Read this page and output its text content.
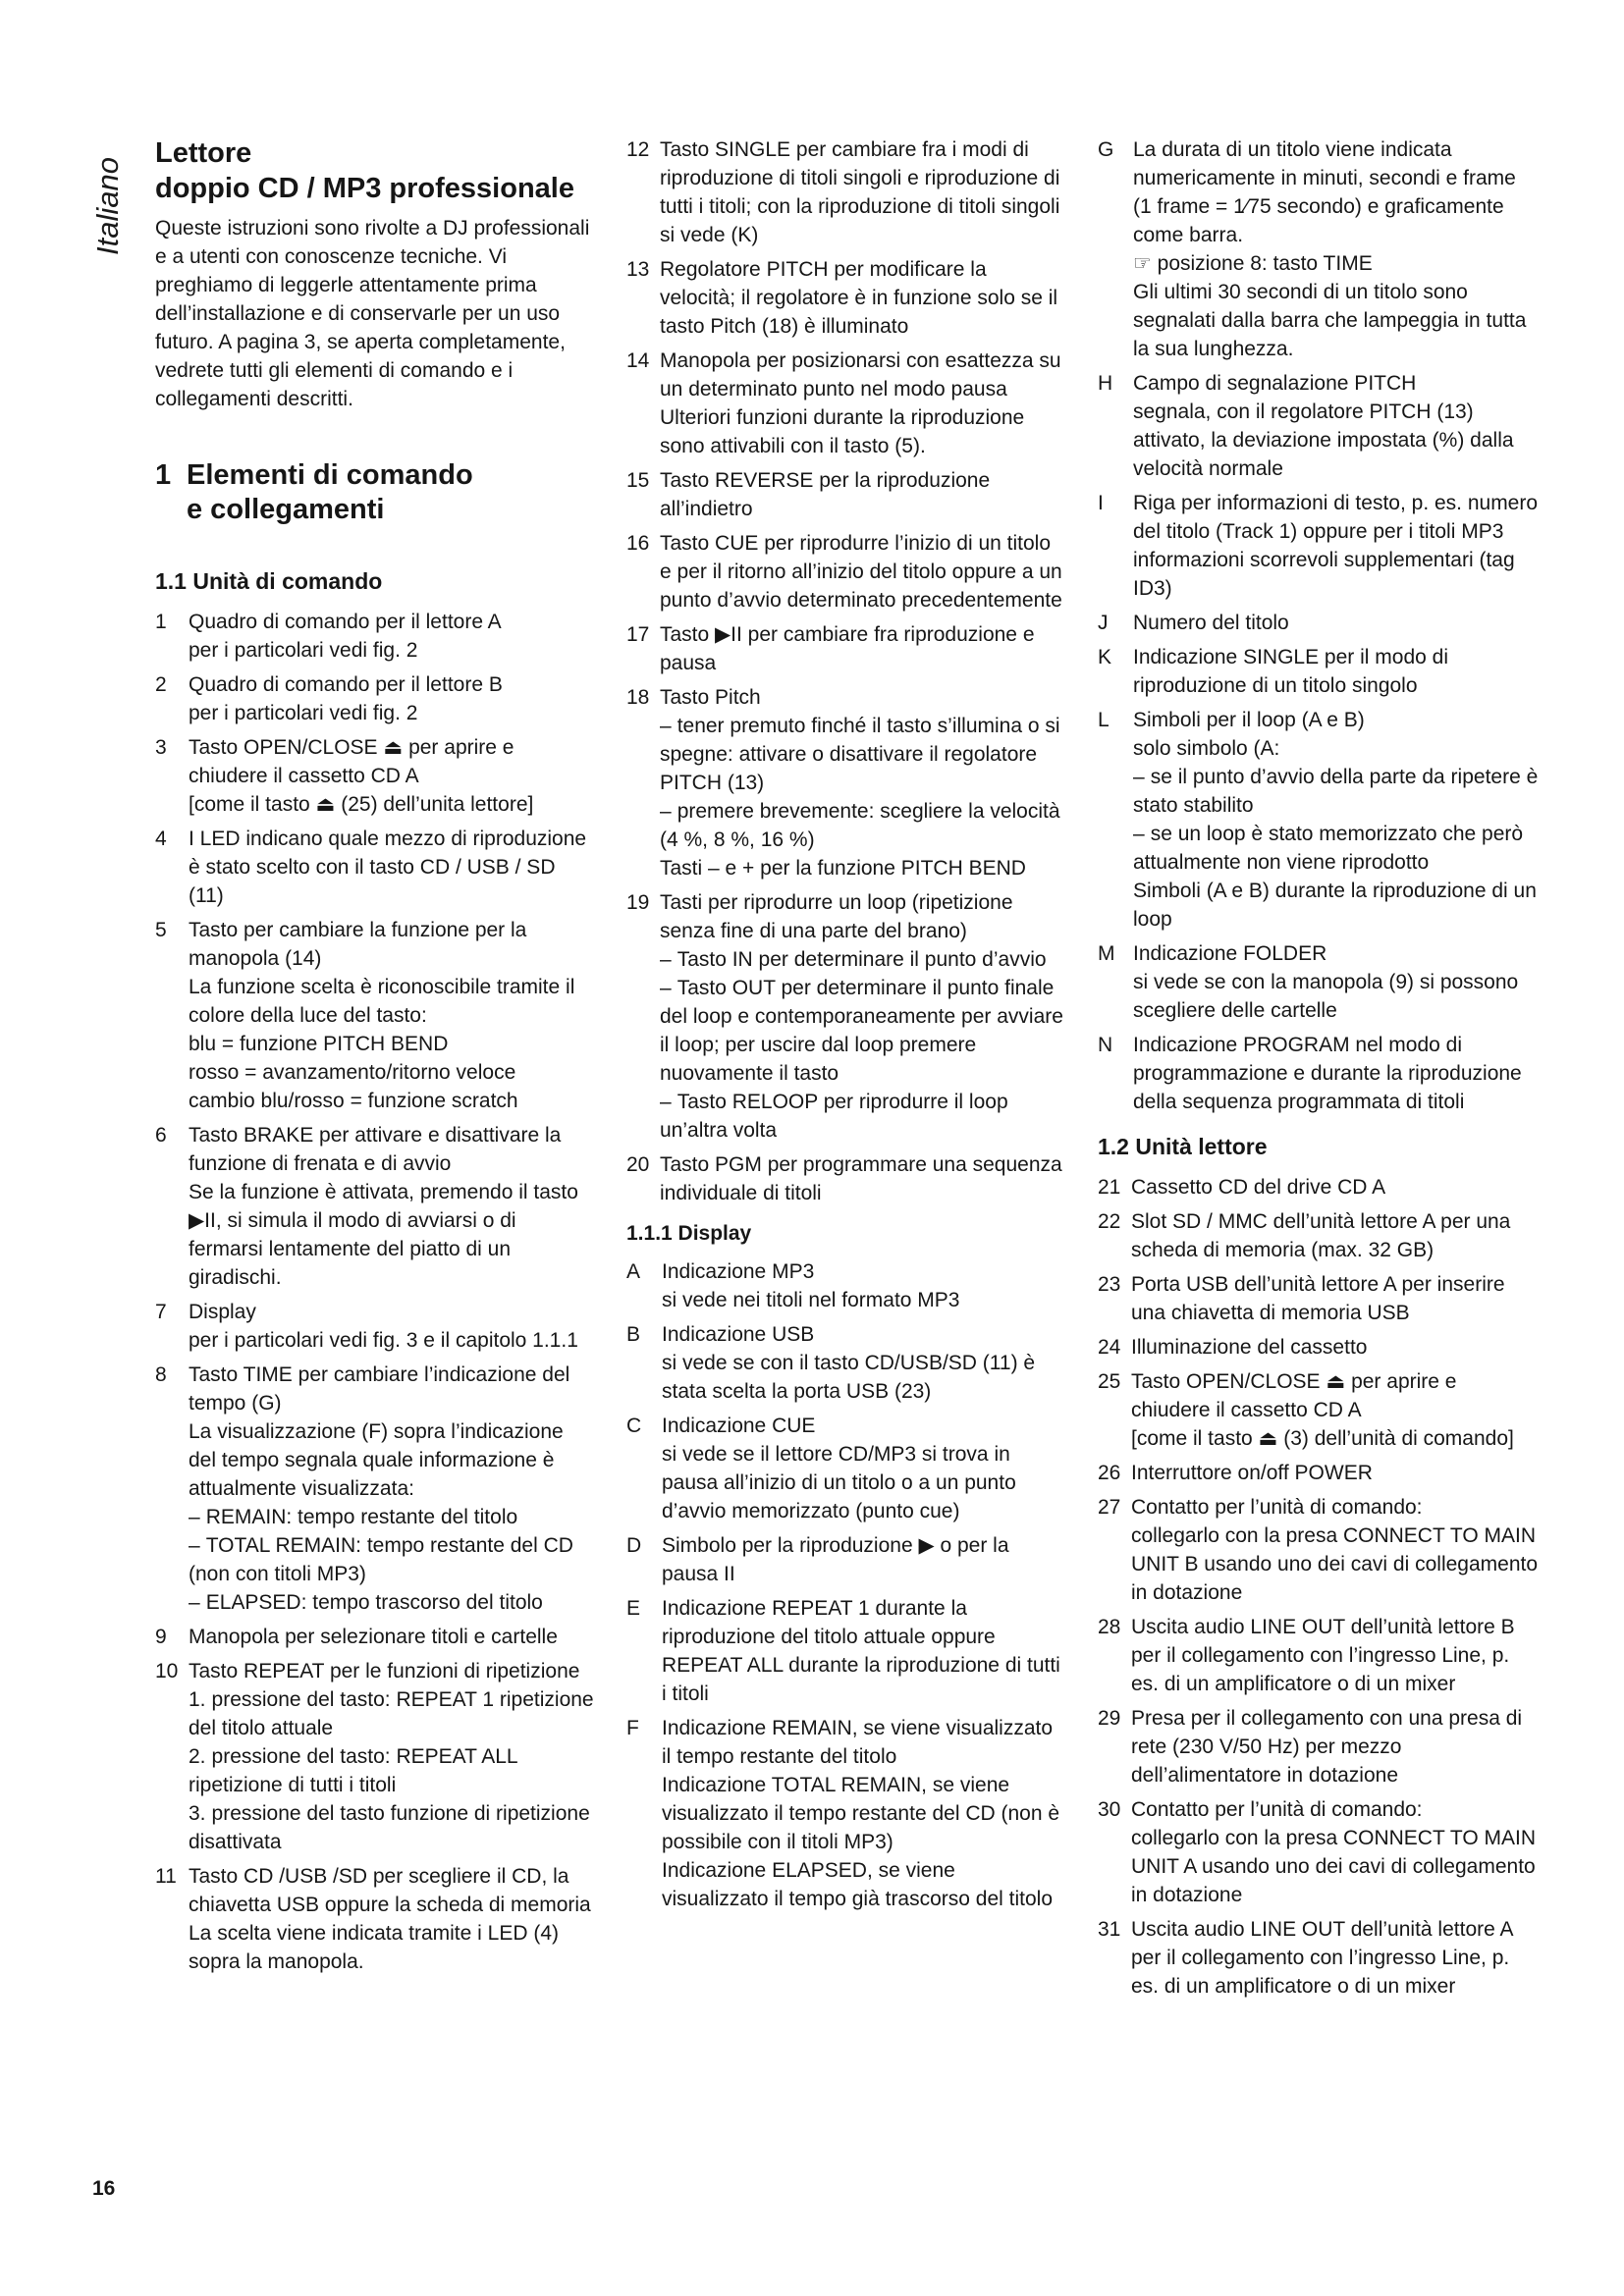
Italiano
Lettore
doppio CD / MP3 professionale

Queste istruzioni sono rivolte a DJ professionali e a utenti con conoscenze tecniche. Vi preghiamo di leggerle attentamente prima dell’installazione e di conservarle per un uso futuro. A pagina 3, se aperta completamente, vedrete tutti gli elementi di comando e i collegamenti descritti.

1 Elementi di comando
e collegamenti
1.1 Unità di comando
1	Quadro di comando per il lettore A
per i particolari vedi fig. 2
2	Quadro di comando per il lettore B
per i particolari vedi fig. 2
3	Tasto OPEN/CLOSE ⏏ per aprire e chiudere il cassetto CD A
[come il tasto ⏏ (25) dell’unita lettore]
4	I LED indicano quale mezzo di riproduzione è stato scelto con il tasto CD / USB / SD (11)
5	Tasto per cambiare la funzione per la manopola (14)
La funzione scelta è riconoscibile tramite il colore della luce del tasto:
blu = funzione PITCH BEND
rosso = avanzamento/ritorno veloce
cambio blu/rosso = funzione scratch
6	Tasto BRAKE per attivare e disattivare la funzione di frenata e di avvio
Se la funzione è attivata, premendo il tasto ▶II, si simula il modo di avviarsi o di fermarsi lentamente del piatto di un giradischi.
7	Display
per i particolari vedi fig. 3 e il capitolo 1.1.1
8	Tasto TIME per cambiare l’indicazione del tempo (G)
La visualizzazione (F) sopra l’indicazione del tempo segnala quale informazione è attualmente visualizzata:
– REMAIN: tempo restante del titolo
– TOTAL REMAIN: tempo restante del CD (non con titoli MP3)
– ELAPSED: tempo trascorso del titolo
9	Manopola per selezionare titoli e cartelle
10 Tasto REPEAT per le funzioni di ripetizione
1. pressione del tasto: REPEAT 1 ripetizione del titolo attuale
2. pressione del tasto: REPEAT ALL ripetizione di tutti i titoli
3. pressione del tasto funzione di ripetizione disattivata
11 Tasto CD /USB /SD per scegliere il CD, la chiavetta USB oppure la scheda di memoria
La scelta viene indicata tramite i LED (4) sopra la manopola.
12 Tasto SINGLE per cambiare fra i modi di riproduzione di titoli singoli e riproduzione di tutti i titoli; con la riproduzione di titoli singoli si vede (K)
13 Regolatore PITCH per modificare la velocità; il regolatore è in funzione solo se il tasto Pitch (18) è illuminato
14 Manopola per posizionarsi con esattezza su un determinato punto nel modo pausa
Ulteriori funzioni durante la riproduzione sono attivabili con il tasto (5).
15 Tasto REVERSE per la riproduzione all’indietro
16 Tasto CUE per riprodurre l’inizio di un titolo e per il ritorno all’inizio del titolo oppure a un punto d’avvio determinato precedentemente
17 Tasto ▶II per cambiare fra riproduzione e pausa
18 Tasto Pitch
– tener premuto finché il tasto s’illumina o si spegne: attivare o disattivare il regolatore PITCH (13)
– premere brevemente: scegliere la velocità (4 %, 8 %, 16 %)
Tasti – e + per la funzione PITCH BEND
19 Tasti per riprodurre un loop (ripetizione senza fine di una parte del brano)
– Tasto IN per determinare il punto d’avvio
– Tasto OUT per determinare il punto finale del loop e contemporaneamente per avviare il loop; per uscire dal loop premere nuovamente il tasto
– Tasto RELOOP per riprodurre il loop un’altra volta
20 Tasto PGM per programmare una sequenza individuale di titoli
1.1.1 Display
A	Indicazione MP3
si vede nei titoli nel formato MP3
B	Indicazione USB
si vede se con il tasto CD/USB/SD (11) è stata scelta la porta USB (23)
C Indicazione CUE
si vede se il lettore CD/MP3 si trova in pausa all’inizio di un titolo o a un punto d’avvio memorizzato (punto cue)
D Simbolo per la riproduzione ▶ o per la pausa II
E	Indicazione REPEAT 1 durante la riproduzione del titolo attuale oppure REPEAT ALL durante la riproduzione di tutti i titoli
F	Indicazione REMAIN, se viene visualizzato il tempo restante del titolo
Indicazione TOTAL REMAIN, se viene visualizzato il tempo restante del CD (non è possibile con il titoli MP3)
Indicazione ELAPSED, se viene visualizzato il tempo già trascorso del titolo
G La durata di un titolo viene indicata numericamente in minuti, secondi e frame (1 frame = 1⁄75 secondo) e graficamente come barra.
☞ posizione 8: tasto TIME
Gli ultimi 30 secondi di un titolo sono segnalati dalla barra che lampeggia in tutta la sua lunghezza.
H Campo di segnalazione PITCH
segnala, con il regolatore PITCH (13) attivato, la deviazione impostata (%) dalla velocità normale
I	Riga per informazioni di testo, p. es. numero del titolo (Track 1) oppure per i titoli MP3 informazioni scorrevoli supplementari (tag ID3)
J	Numero del titolo
K	Indicazione SINGLE per il modo di riproduzione di un titolo singolo
L	Simboli per il loop (A e B)
solo simbolo (A:
– se il punto d’avvio della parte da ripetere è stato stabilito
– se un loop è stato memorizzato che però attualmente non viene riprodotto
Simboli (A e B) durante la riproduzione di un loop
M Indicazione FOLDER
si vede se con la manopola (9) si possono scegliere delle cartelle
N Indicazione PROGRAM nel modo di programmazione e durante la riproduzione della sequenza programmata di titoli
1.2 Unità lettore
21 Cassetto CD del drive CD A
22 Slot SD / MMC dell’unità lettore A per una scheda di memoria (max. 32 GB)
23 Porta USB dell’unità lettore A per inserire una chiavetta di memoria USB
24 Illuminazione del cassetto
25 Tasto OPEN/CLOSE ⏏ per aprire e chiudere il cassetto CD A
[come il tasto ⏏ (3) dell’unità di comando]
26 Interruttore on/off POWER
27 Contatto per l’unità di comando:
collegarlo con la presa CONNECT TO MAIN UNIT B usando uno dei cavi di collegamento in dotazione
28 Uscita audio LINE OUT dell’unità lettore B per il collegamento con l’ingresso Line, p. es. di un amplificatore o di un mixer
29 Presa per il collegamento con una presa di rete (230 V/50 Hz) per mezzo dell’alimentatore in dotazione
30 Contatto per l’unità di comando:
collegarlo con la presa CONNECT TO MAIN UNIT A usando uno dei cavi di collegamento in dotazione
31 Uscita audio LINE OUT dell’unità lettore A per il collegamento con l’ingresso Line, p. es. di un amplificatore o di un mixer
16
